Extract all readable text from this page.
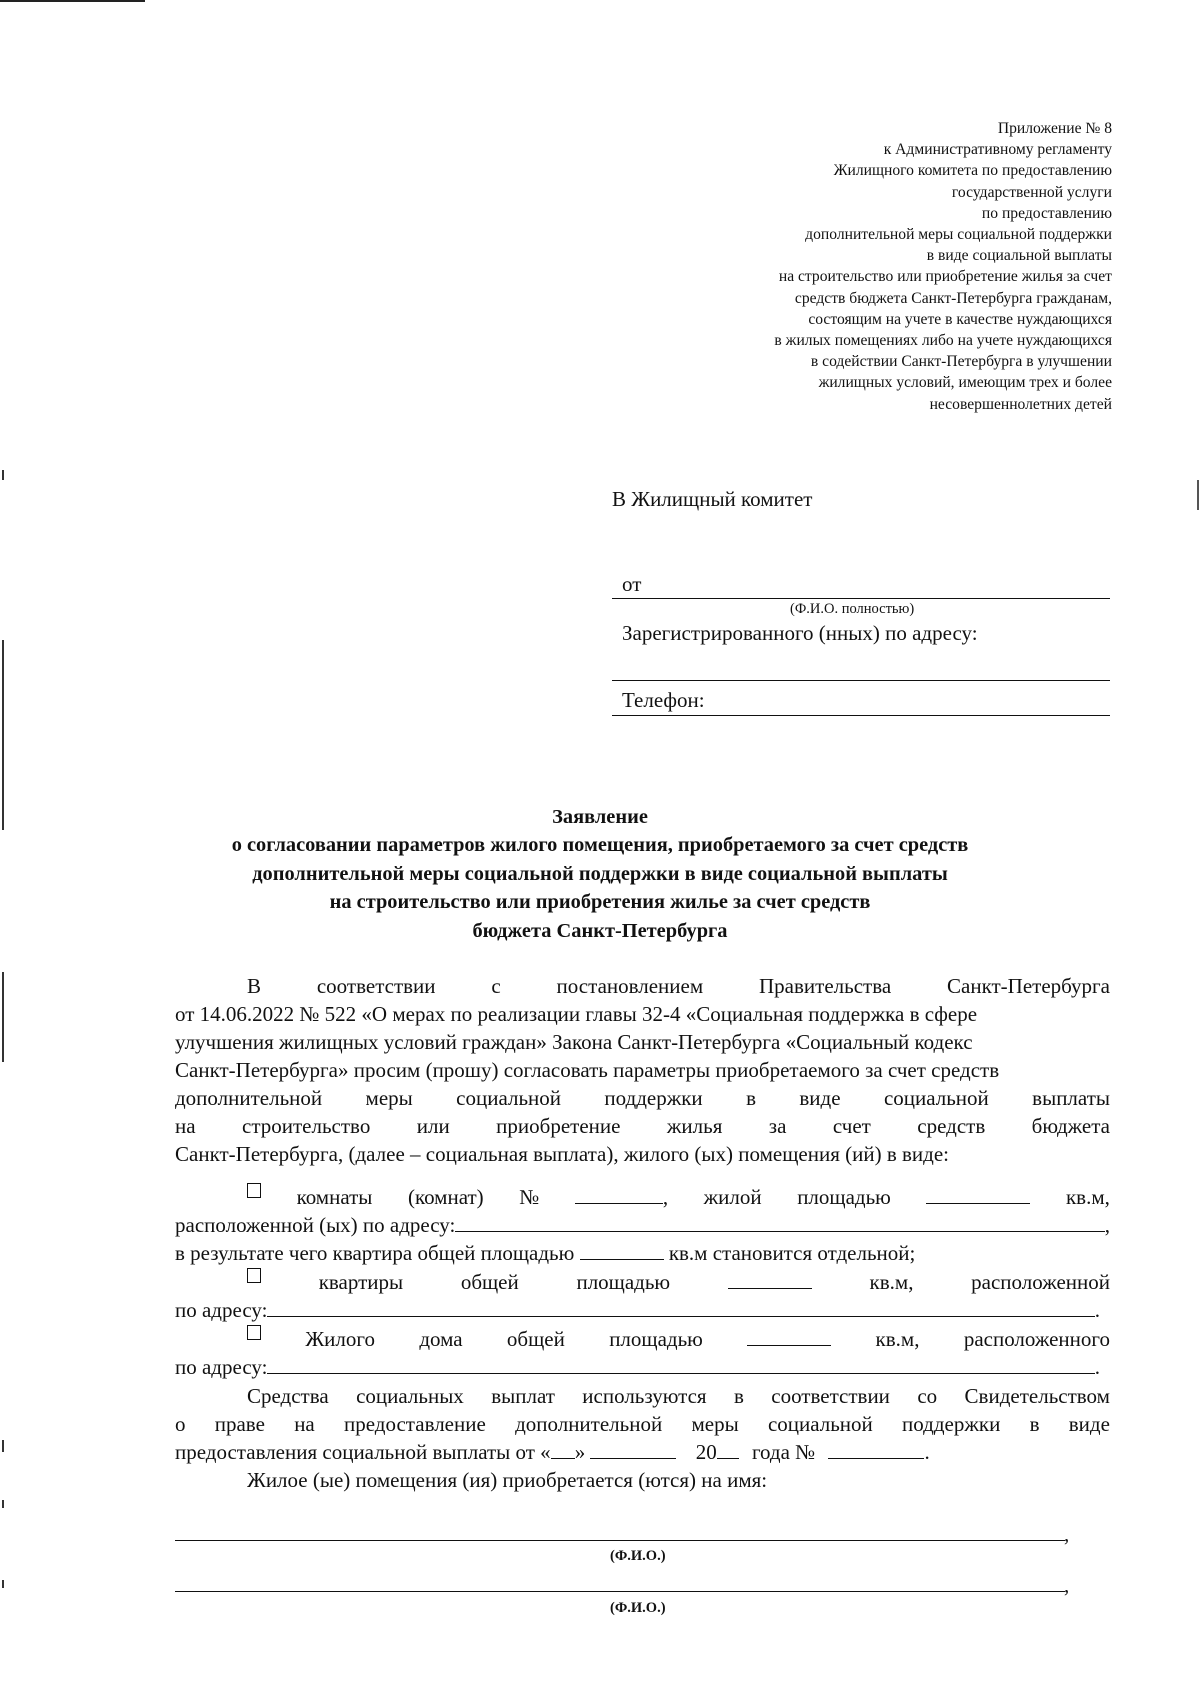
Приложение № 8
к Административному регламенту
Жилищного комитета по предоставлению
государственной услуги
по предоставлению
дополнительной меры социальной поддержки
в виде социальной выплаты
на строительство или приобретение жилья за счет
средств бюджета Санкт-Петербурга гражданам,
состоящим на учете в качестве нуждающихся
в жилых помещениях либо на учете нуждающихся
в содействии Санкт-Петербурга в улучшении
жилищных условий, имеющим трех и более
несовершеннолетних детей
В Жилищный комитет
от
(Ф.И.О. полностью)
Зарегистрированного (нных) по адресу:
Телефон:
Заявление
о согласовании параметров жилого помещения, приобретаемого за счет средств
дополнительной меры социальной поддержки в виде социальной выплаты
на строительство или приобретения жилье за счет средств
бюджета Санкт-Петербурга
В	соответствии	с	постановлением	Правительства	Санкт-Петербурга
от 14.06.2022 № 522 «О мерах по реализации главы 32-4 «Социальная поддержка в сфере
улучшения жилищных условий граждан» Закона Санкт-Петербурга «Социальный кодекс
Санкт-Петербурга» просим (прошу) согласовать параметры приобретаемого за счет средств
дополнительной меры социальной поддержки в виде социальной выплаты
на строительство или приобретение жилья за счет средств бюджета
Санкт-Петербурга, (далее – социальная выплата), жилого (ых) помещения (ий) в виде:
комнаты (комнат) №	, жилой площадью	кв.м,
расположенной (ых) по адресу:	,
в результате чего квартира общей площадью	кв.м становится отдельной;
квартиры	общей	площадью	кв.м,	расположенной
по адресу:	.
Жилого дома общей площадью	кв.м, расположенного
по адресу:	.
Средства социальных выплат используются в соответствии со Свидетельством
о праве на предоставление дополнительной меры социальной поддержки в виде
предоставления социальной выплаты от « »	20 года №	.
Жилое (ые) помещения (ия) приобретается (ются) на имя:
,
(Ф.И.О.)
,
(Ф.И.О.)
